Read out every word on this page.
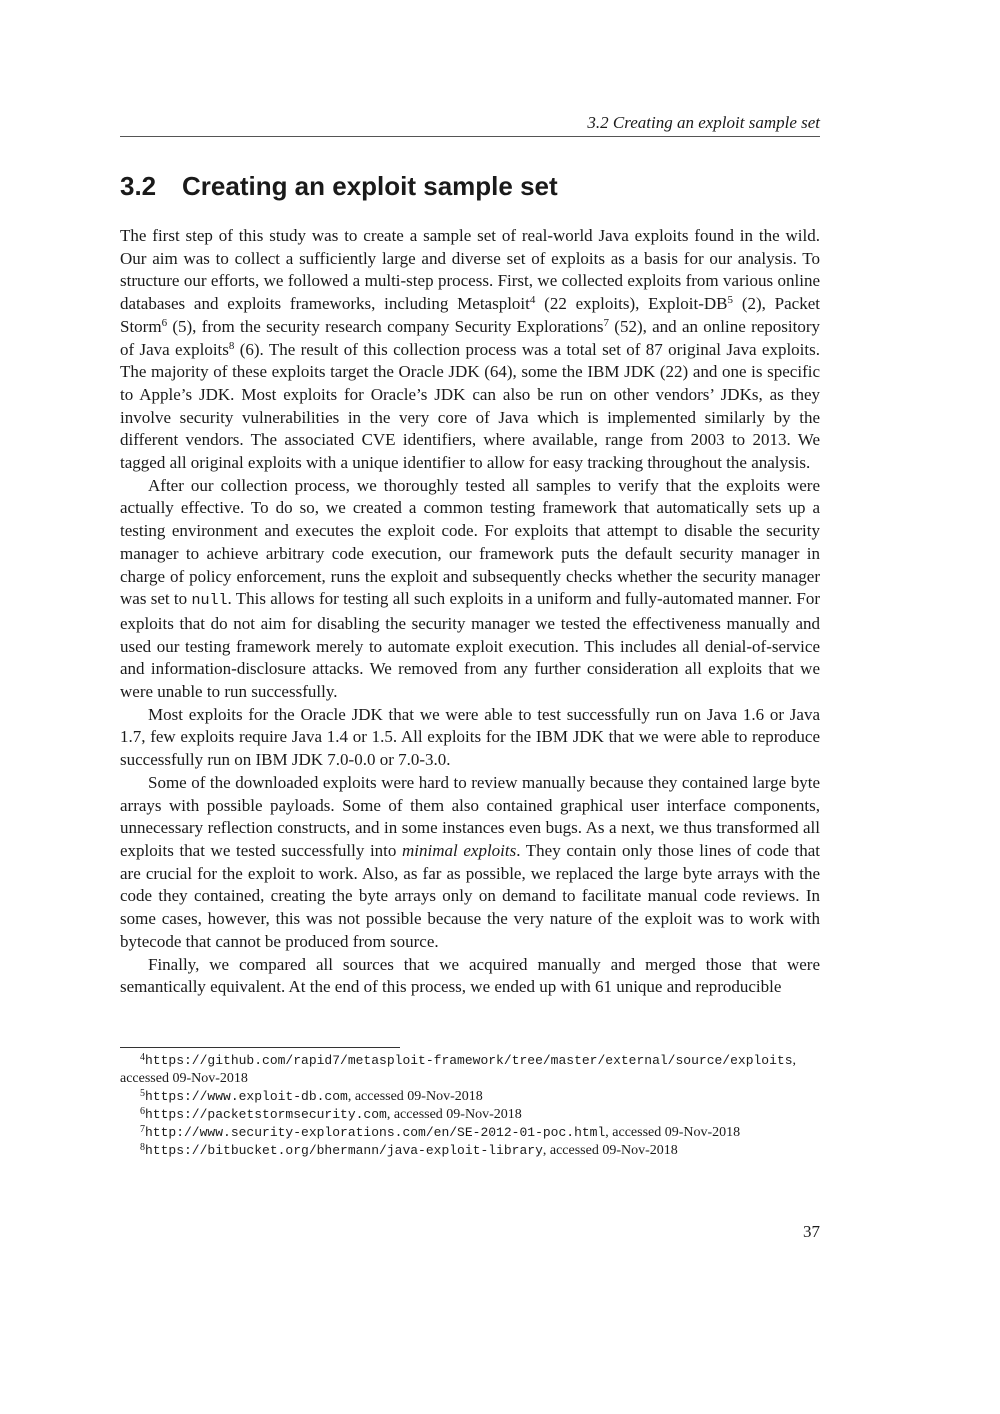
3.2 Creating an exploit sample set
3.2 Creating an exploit sample set

The first step of this study was to create a sample set of real-world Java exploits found in the wild. Our aim was to collect a sufficiently large and diverse set of exploits as a basis for our analysis. To structure our efforts, we followed a multi-step process. First, we collected exploits from various online databases and exploits frameworks, including Metasploit$^4$ (22 exploits), Exploit-DB$^5$ (2), Packet Storm$^6$ (5), from the security research company Security Explorations$^7$ (52), and an online repository of Java exploits$^8$ (6). The result of this collection process was a total set of 87 original Java exploits. The majority of these exploits target the Oracle JDK (64), some the IBM JDK (22) and one is specific to Apple’s JDK. Most exploits for Oracle’s JDK can also be run on other vendors’ JDKs, as they involve security vulnerabilities in the very core of Java which is implemented similarly by the different vendors. The associated CVE identifiers, where available, range from 2003 to 2013. We tagged all original exploits with a unique identifier to allow for easy tracking throughout the analysis.

After our collection process, we thoroughly tested all samples to verify that the exploits were actually effective. To do so, we created a common testing framework that automatically sets up a testing environment and executes the exploit code. For exploits that attempt to disable the security manager to achieve arbitrary code execution, our framework puts the default security manager in charge of policy enforcement, runs the exploit and subsequently checks whether the security manager was set to null. This allows for testing all such exploits in a uniform and fully-automated manner. For exploits that do not aim for disabling the security manager we tested the effectiveness manually and used our testing framework merely to automate exploit execution. This includes all denial-of-service and information-disclosure attacks. We removed from any further consideration all exploits that we were unable to run successfully.

Most exploits for the Oracle JDK that we were able to test successfully run on Java 1.6 or Java 1.7, few exploits require Java 1.4 or 1.5. All exploits for the IBM JDK that we were able to reproduce successfully run on IBM JDK 7.0-0.0 or 7.0-3.0.

Some of the downloaded exploits were hard to review manually because they contained large byte arrays with possible payloads. Some of them also contained graphical user interface components, unnecessary reflection constructs, and in some instances even bugs. As a next, we thus transformed all exploits that we tested successfully into minimal exploits. They contain only those lines of code that are crucial for the exploit to work. Also, as far as possible, we replaced the large byte arrays with the code they contained, creating the byte arrays only on demand to facilitate manual code reviews. In some cases, however, this was not possible because the very nature of the exploit was to work with bytecode that cannot be produced from source.

Finally, we compared all sources that we acquired manually and merged those that were semantically equivalent. At the end of this process, we ended up with 61 unique and reproducible

$^4$https://github.com/rapid7/metasploit-framework/tree/master/external/source/exploits,
accessed 09-Nov-2018

$^5$https://www.exploit-db.com, accessed 09-Nov-2018

$^6$https://packetstormsecurity.com, accessed 09-Nov-2018

$^7$http://www.security-explorations.com/en/SE-2012-01-poc.html, accessed 09-Nov-2018

$^8$https://bitbucket.org/bhermann/java-exploit-library, accessed 09-Nov-2018

37
